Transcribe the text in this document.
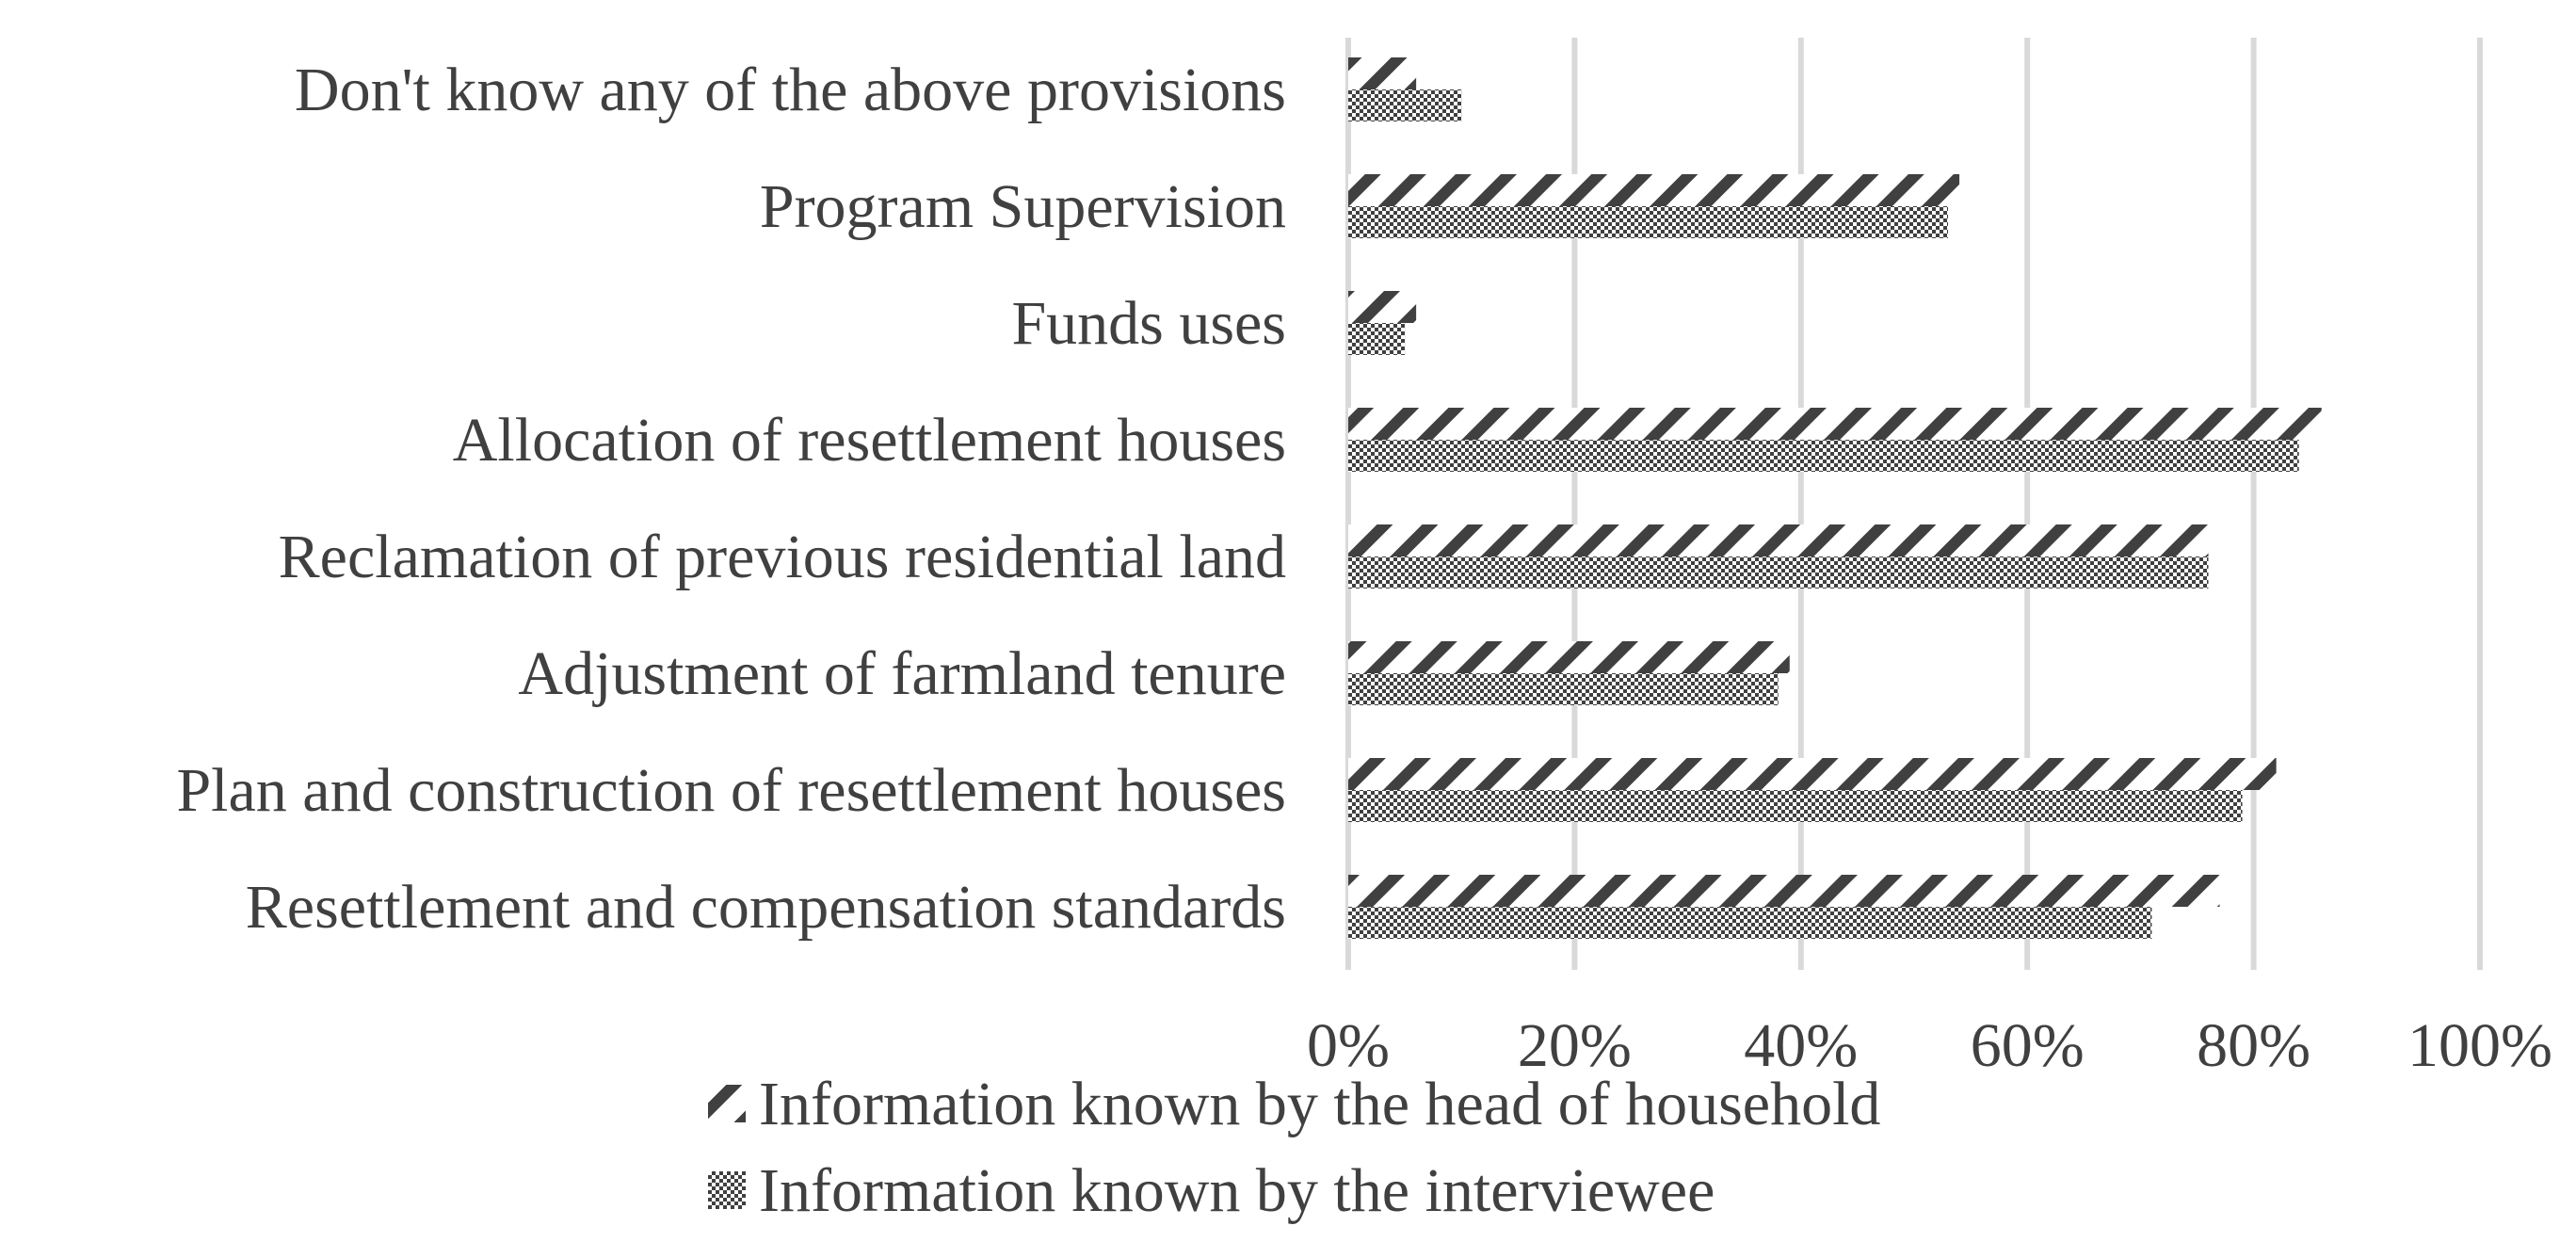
Don't know any of the above provisions
Program Supervision
Funds uses
Allocation of resettlement houses
Reclamation of previous residential land
Adjustment of farmland tenure
Plan and construction of resettlement houses
Resettlement and compensation standards
0% 20% 40% 60% 80% 100%
Information known by the head of household
Information known by the interviewee
